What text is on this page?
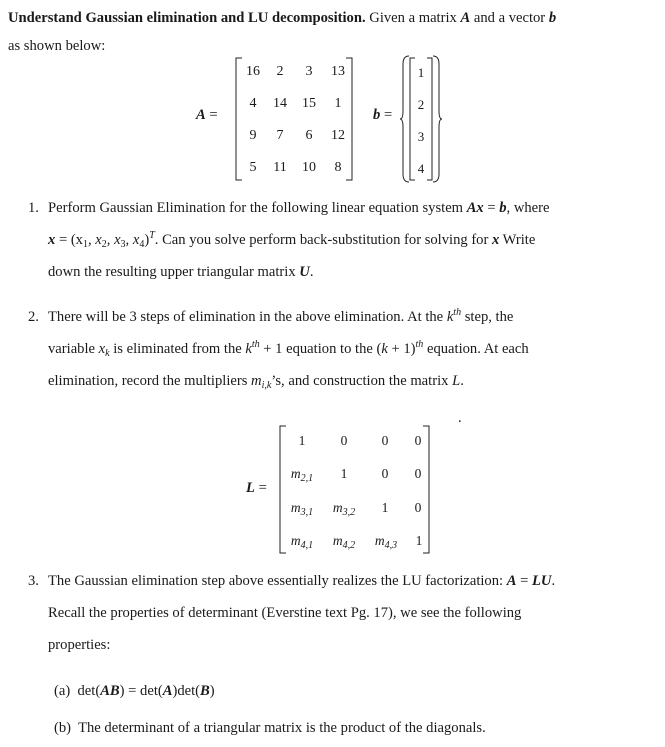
Understand Gaussian elimination and LU decomposition. Given a matrix A and a vector b
as shown below:
A =
16	2	3	13
4	14	15	1
9	7	6	12
5	11	10	8
b =
1
2
3
4
1. Perform Gaussian Elimination for the following linear equation system Ax = b, where
$x = (x_1$, $x_2$, $x_3$, $x_4)^T$. Can you solve perform back-substitution for solving for x Write
down the resulting upper triangular matrix U.
2. There will be 3 steps of elimination in the above elimination. At the $k^{th}$ step, the
variable $x_k$ is eliminated from the $k^{th} + 1$ equation to the $(k + 1)^{th}$ equation. At each
elimination, record the multipliers $m_{i,k}’s$, and construction the matrix L.
.
L =
1	0	0	0
$m_{2,1}$	1	0	0
$m_{3,1}$	$m_{3,2}$	1	0
$m_{4,1}$	$m_{4,2}$	$m_{4,3}$	1
3. The Gaussian elimination step above essentially realizes the LU factorization: A = LU.
Recall the properties of determinant (Everstine text Pg. 17), we see the following
properties:
(a) det(AB) = det(A)det(B)
(b) The determinant of a triangular matrix is the product of the diagonals.
